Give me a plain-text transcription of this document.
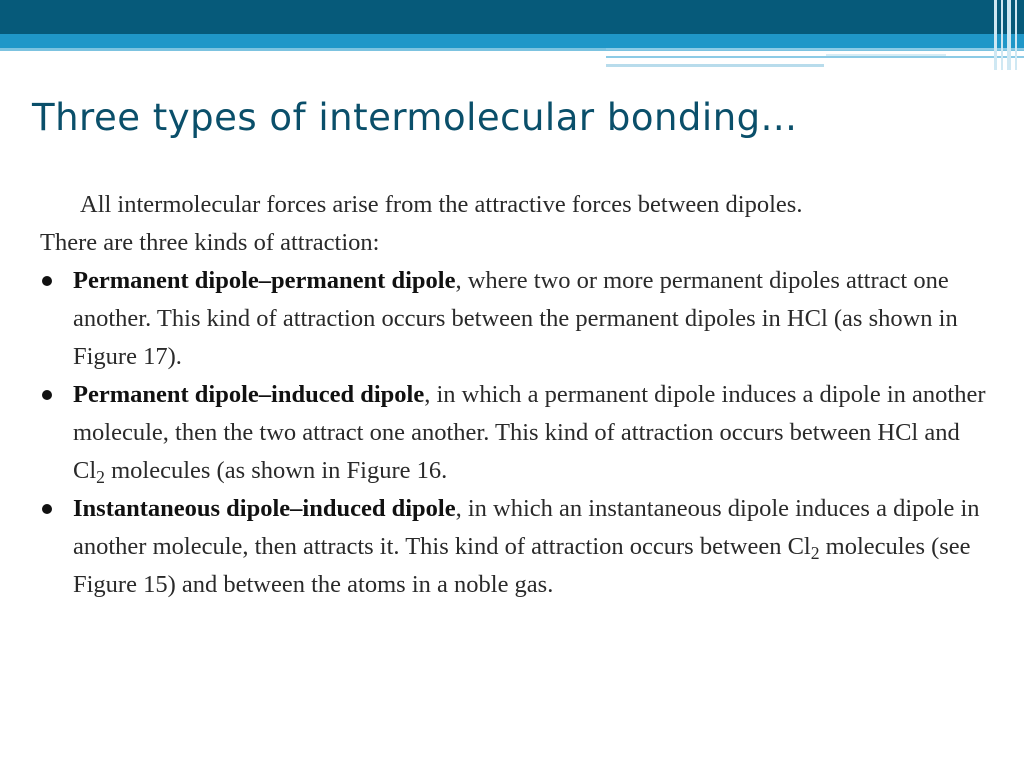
Three types of intermolecular bonding...

All intermolecular forces arise from the attractive forces between dipoles.

There are three kinds of attraction:

Permanent dipole–permanent dipole, where two or more permanent dipoles attract one another. This kind of attraction occurs between the permanent dipoles in HCl (as shown in Figure 17).
Permanent dipole–induced dipole, in which a permanent dipole induces a dipole in another molecule, then the two attract one another. This kind of attraction occurs between HCl and $Cl_2$ molecules (as shown in Figure 16.
Instantaneous dipole–induced dipole, in which an instantaneous dipole induces a dipole in another molecule, then attracts it. This kind of attraction occurs between $Cl_2$ molecules (see Figure 15) and between the atoms in a noble gas.
